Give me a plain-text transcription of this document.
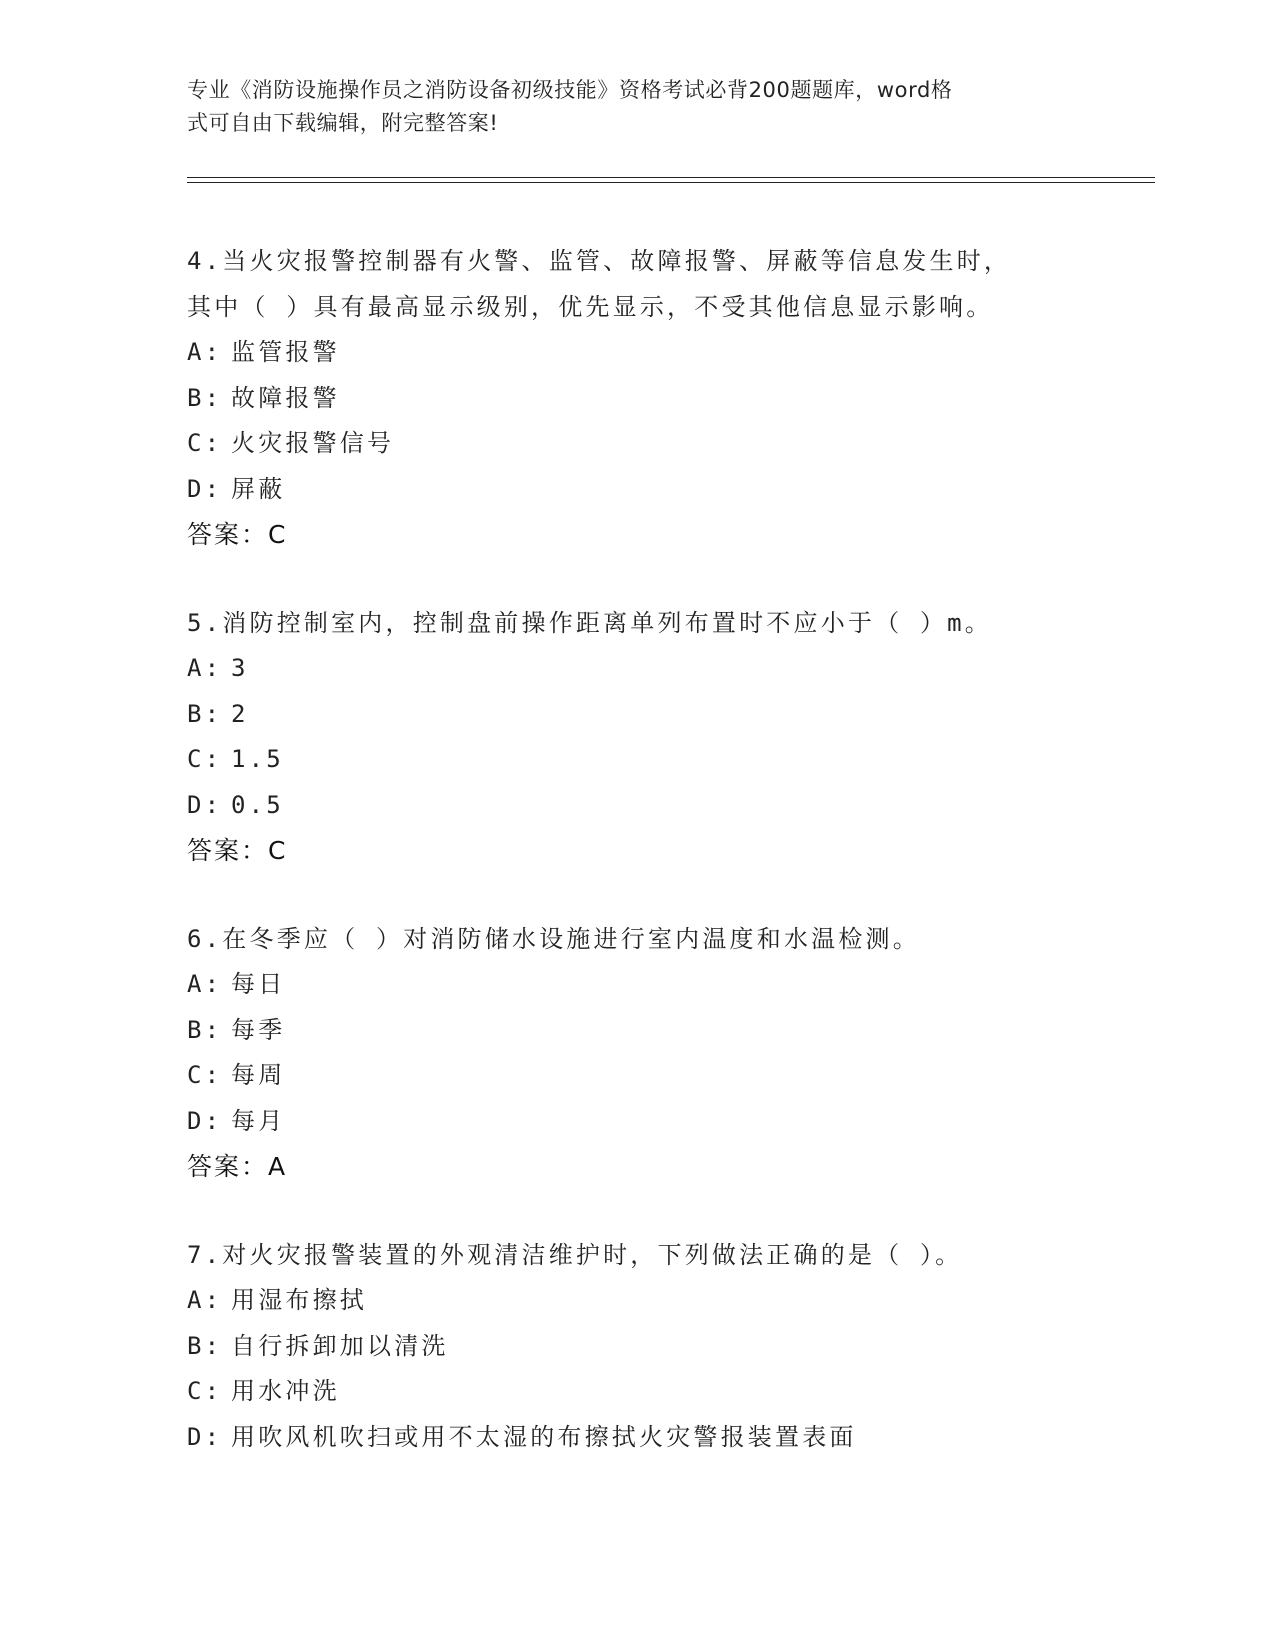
专业《消防设施操作员之消防设备初级技能》资格考试必背200题题库，word格
式可自由下载编辑，附完整答案!
4.当火灾报警控制器有火警、监管、故障报警、屏蔽等信息发生时，
其中（ ）具有最高显示级别，优先显示，不受其他信息显示影响。
A: 监管报警
B: 故障报警
C: 火灾报警信号
D: 屏蔽
答案：C
5.消防控制室内，控制盘前操作距离单列布置时不应小于（ ）m。
A: 3
B: 2
C: 1.5
D: 0.5
答案：C
6.在冬季应（ ）对消防储水设施进行室内温度和水温检测。
A: 每日
B: 每季
C: 每周
D: 每月
答案：A
7.对火灾报警装置的外观清洁维护时，下列做法正确的是（ ）。
A: 用湿布擦拭
B: 自行拆卸加以清洗
C: 用水冲洗
D: 用吹风机吹扫或用不太湿的布擦拭火灾警报装置表面
